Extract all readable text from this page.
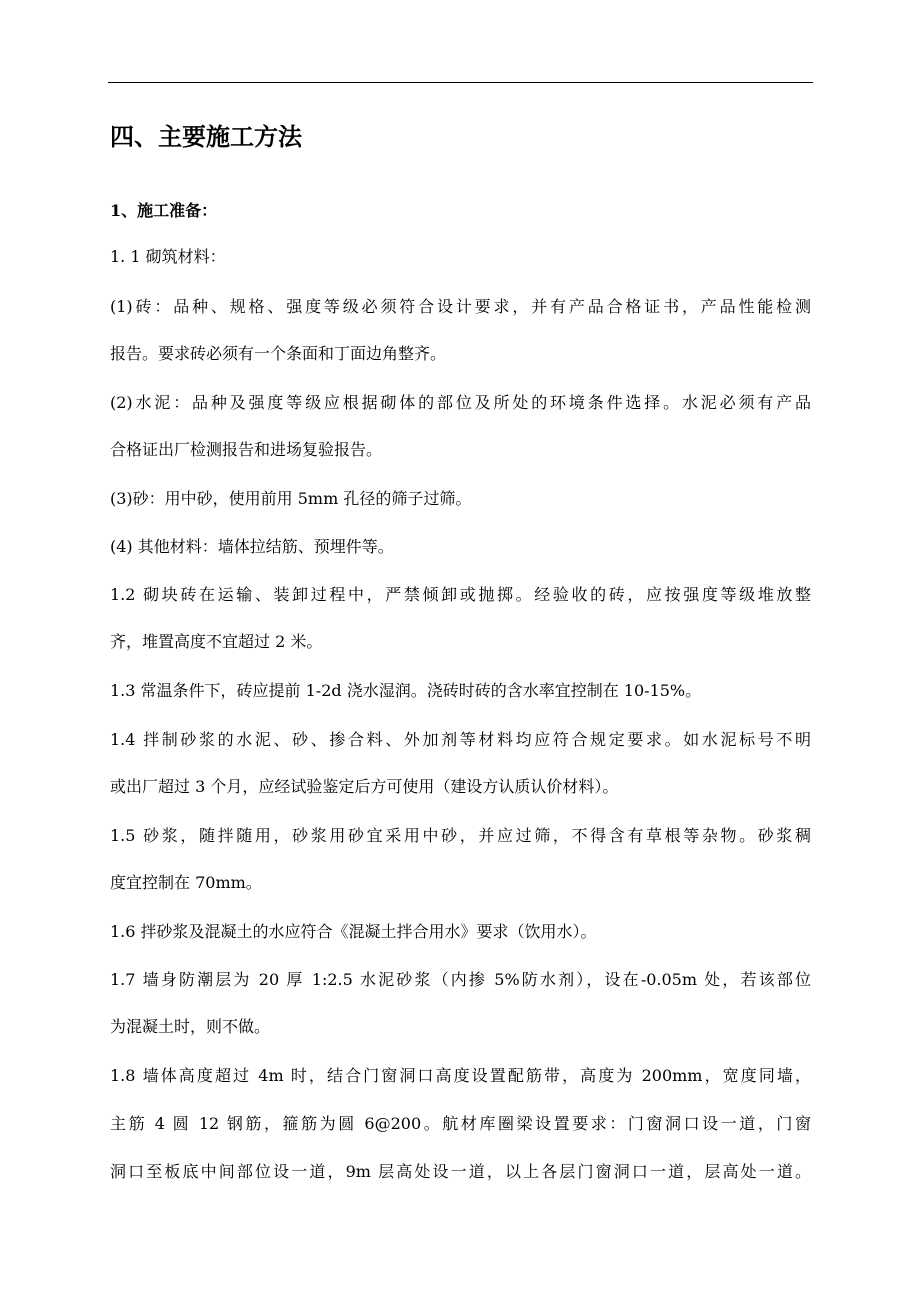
四、主要施工方法
1、施工准备：
1. 1 砌筑材料：
(1)砖：品种、规格、强度等级必须符合设计要求，并有产品合格证书，产品性能检测
报告。要求砖必须有一个条面和丁面边角整齐。
(2)水泥：品种及强度等级应根据砌体的部位及所处的环境条件选择。水泥必须有产品
合格证出厂检测报告和进场复验报告。
(3)砂：用中砂，使用前用 5mm 孔径的筛子过筛。
(4) 其他材料：墙体拉结筋、预埋件等。
1.2 砌块砖在运输、装卸过程中，严禁倾卸或抛掷。经验收的砖，应按强度等级堆放整
齐，堆置高度不宜超过 2 米。
1.3 常温条件下，砖应提前 1-2d 浇水湿润。浇砖时砖的含水率宜控制在 10-15%。
1.4 拌制砂浆的水泥、砂、掺合料、外加剂等材料均应符合规定要求。如水泥标号不明
或出厂超过 3 个月，应经试验鉴定后方可使用（建设方认质认价材料）。
1.5 砂浆，随拌随用，砂浆用砂宜采用中砂，并应过筛，不得含有草根等杂物。砂浆稠
度宜控制在 70mm。
1.6 拌砂浆及混凝土的水应符合《混凝土拌合用水》要求（饮用水）。
1.7 墙身防潮层为 20 厚 1:2.5 水泥砂浆（内掺 5%防水剂），设在-0.05m 处，若该部位
为混凝土时，则不做。
1.8 墙体高度超过 4m 时，结合门窗洞口高度设置配筋带，高度为 200mm，宽度同墙，
主筋 4 圆 12 钢筋，箍筋为圆 6@200。航材库圈梁设置要求：门窗洞口设一道，门窗
洞口至板底中间部位设一道，9m 层高处设一道，以上各层门窗洞口一道，层高处一道。
